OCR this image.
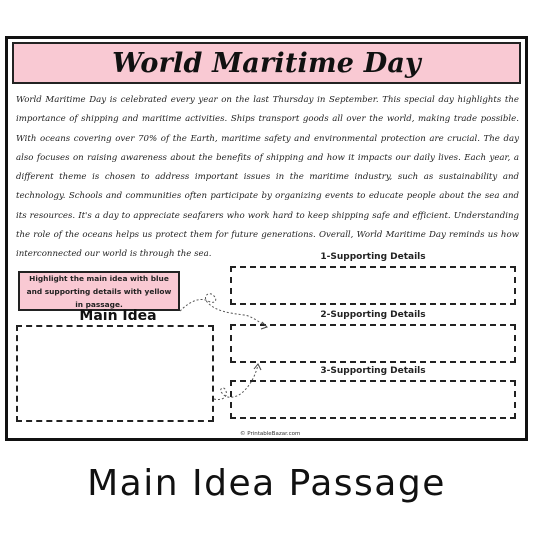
World Maritime Day

World Maritime Day is celebrated every year on the last Thursday in September. This special day highlights the importance of shipping and maritime activities. Ships transport goods all over the world, making trade possible. With oceans covering over 70% of the Earth, maritime safety and environmental protection are crucial. The day also focuses on raising awareness about the benefits of shipping and how it impacts our daily lives. Each year, a different theme is chosen to address important issues in the maritime industry, such as sustainability and technology. Schools and communities often participate by organizing events to educate people about the sea and its resources. It's a day to appreciate seafarers who work hard to keep shipping safe and efficient. Understanding the role of the oceans helps us protect them for future generations. Overall, World Maritime Day reminds us how interconnected our world is through the sea.

Highlight the main idea with blue and supporting details with yellow in passage.
Main Idea
1-Supporting Details
2-Supporting Details
3-Supporting Details
© PrintableBazar.com
Main Idea Passage
